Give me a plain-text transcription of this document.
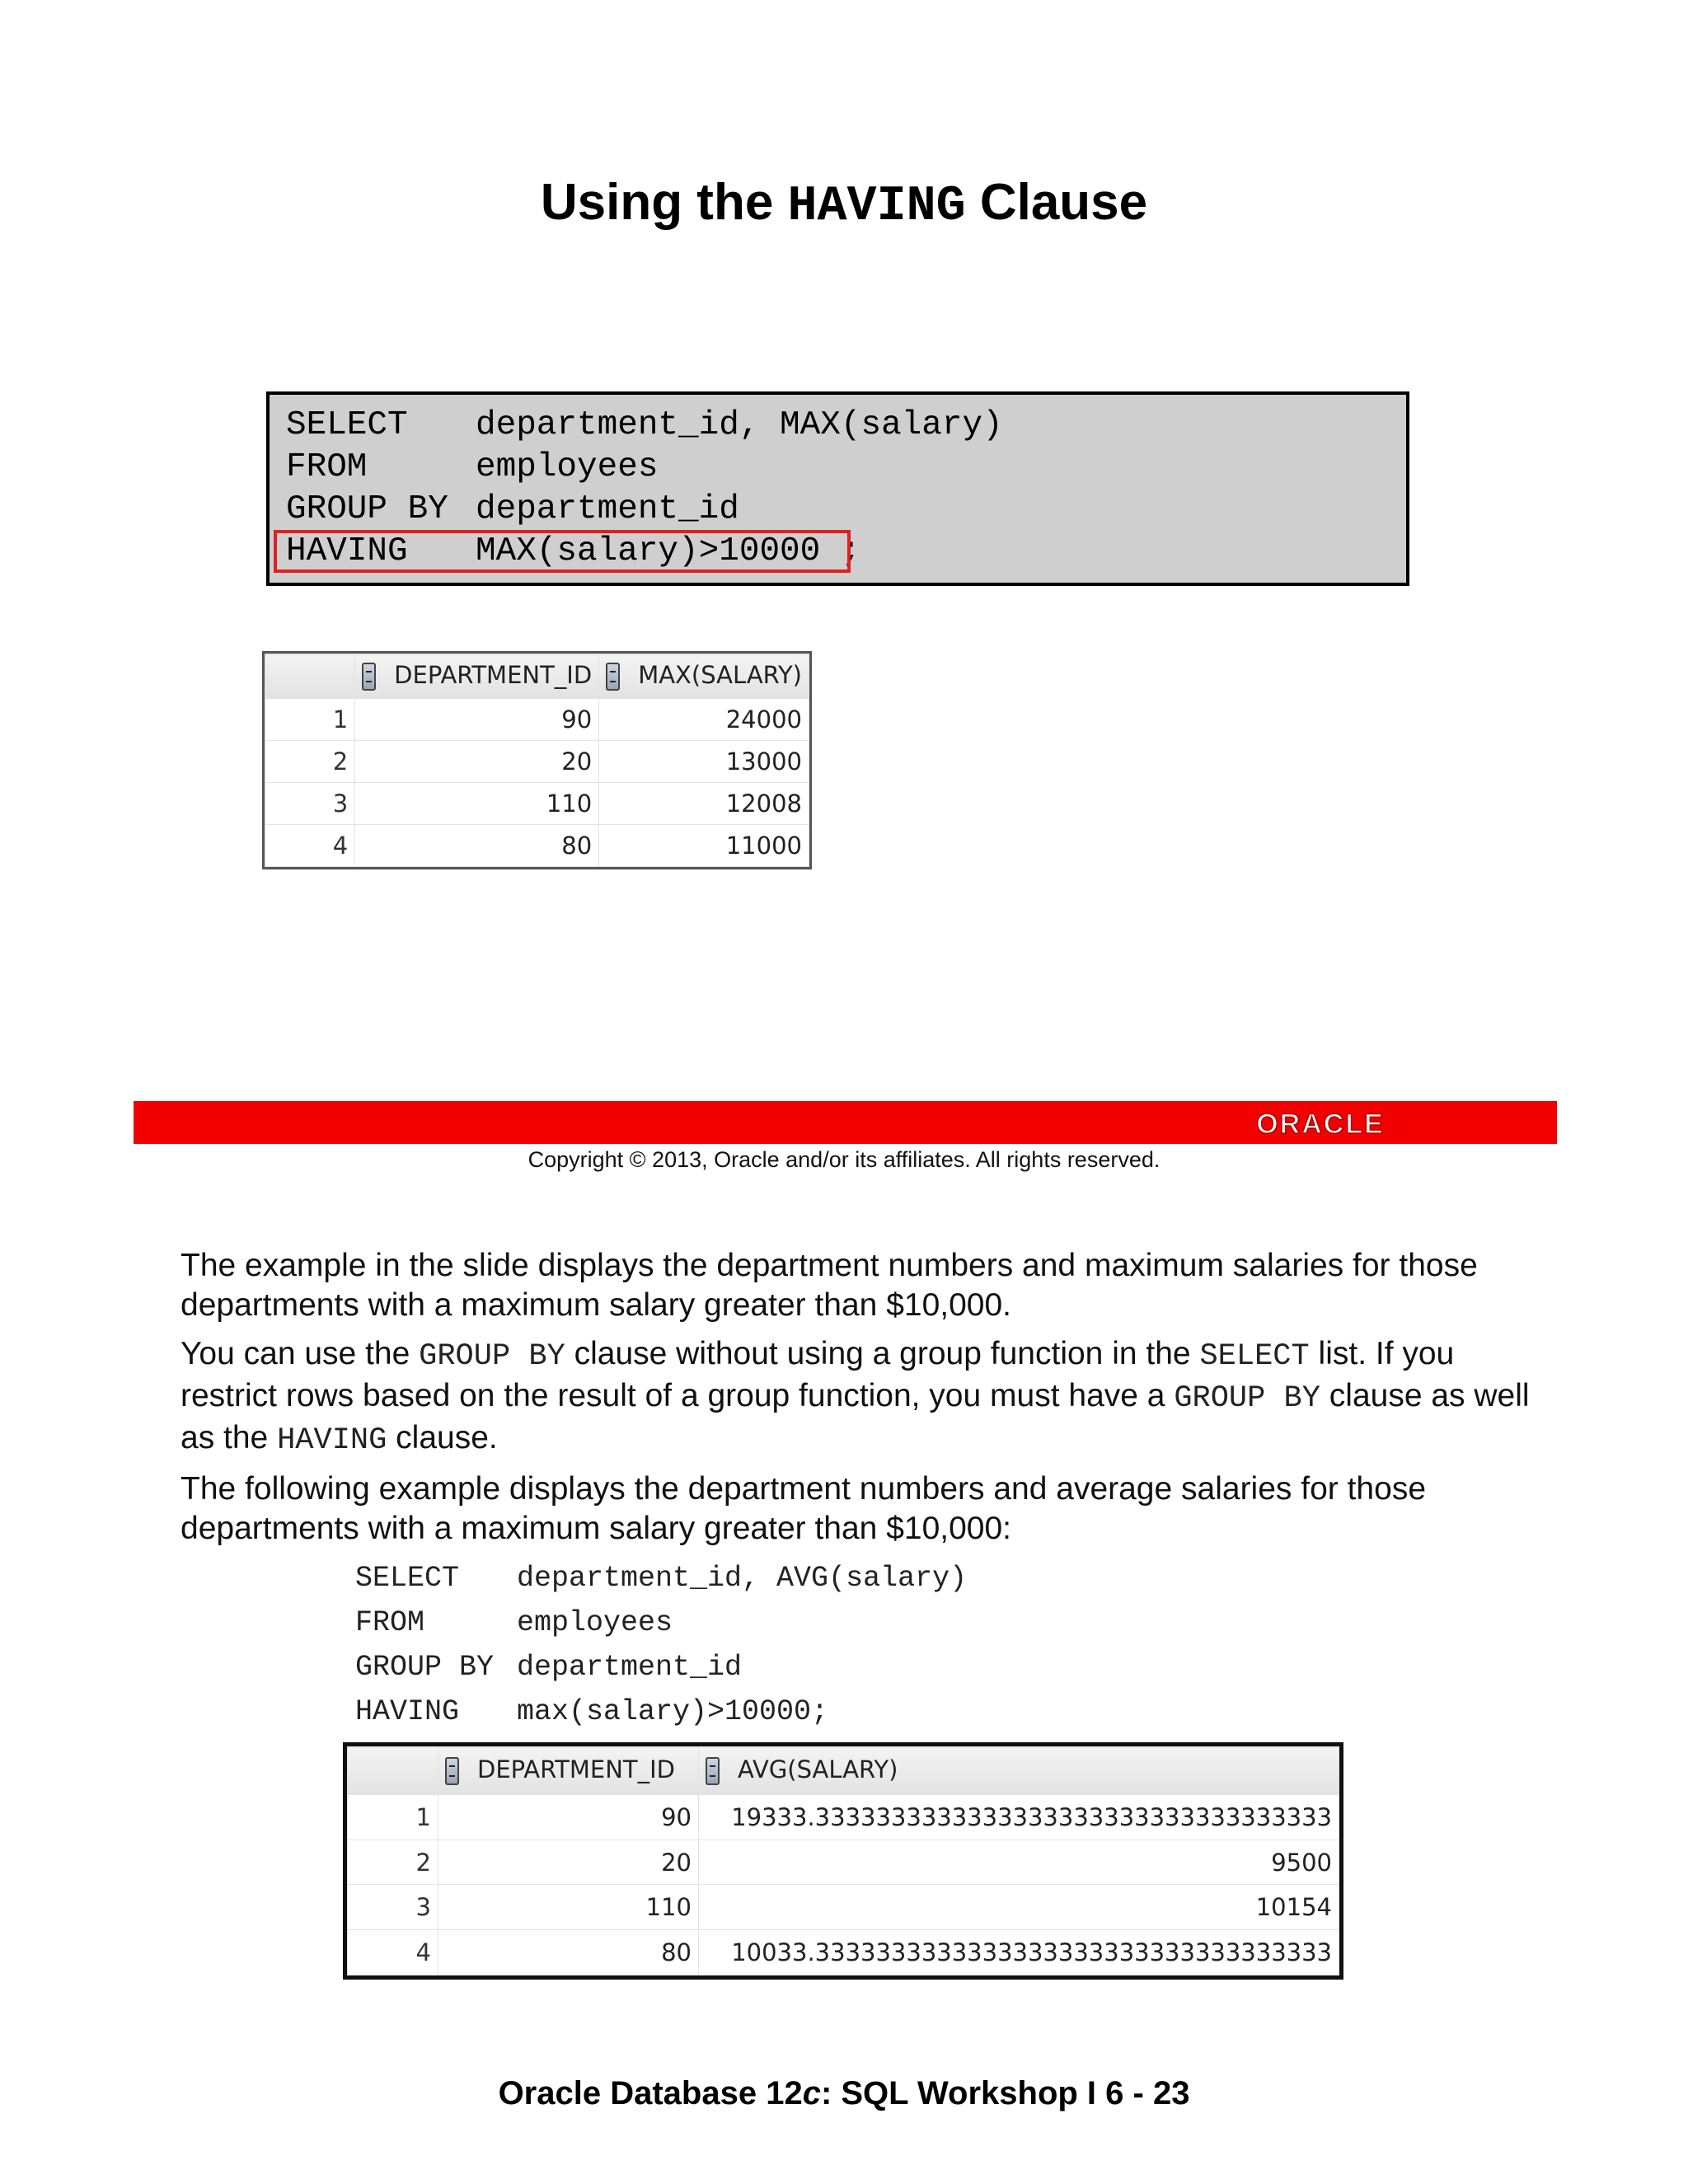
Using the HAVING Clause
SELECT department_id, MAX(salary)
FROM	employees
GROUP BY department_id
HAVING MAX(salary)>10000 ;
	DEPARTMENT_ID	MAX(SALARY)
1	90	24000
2	20	13000
3	110	12008
4	80	11000
ORACLE
Copyright © 2013, Oracle and/or its affiliates. All rights reserved.

The example in the slide displays the department numbers and maximum salaries for those departments with a maximum salary greater than $10,000.

You can use the GROUP BY clause without using a group function in the SELECT list. If you restrict rows based on the result of a group function, you must have a GROUP BY clause as well as the HAVING clause.

The following example displays the department numbers and average salaries for those departments with a maximum salary greater than $10,000:

SELECT department_id, AVG(salary)
FROM	employees
GROUP BY department_id
HAVING max(salary)>10000;
	DEPARTMENT_ID	AVG(SALARY)
1	90	19333.3333333333333333333333333333333333
2	20	9500
3	110	10154
4	80	10033.3333333333333333333333333333333333
Oracle Database 12c: SQL Workshop I 6 - 23
